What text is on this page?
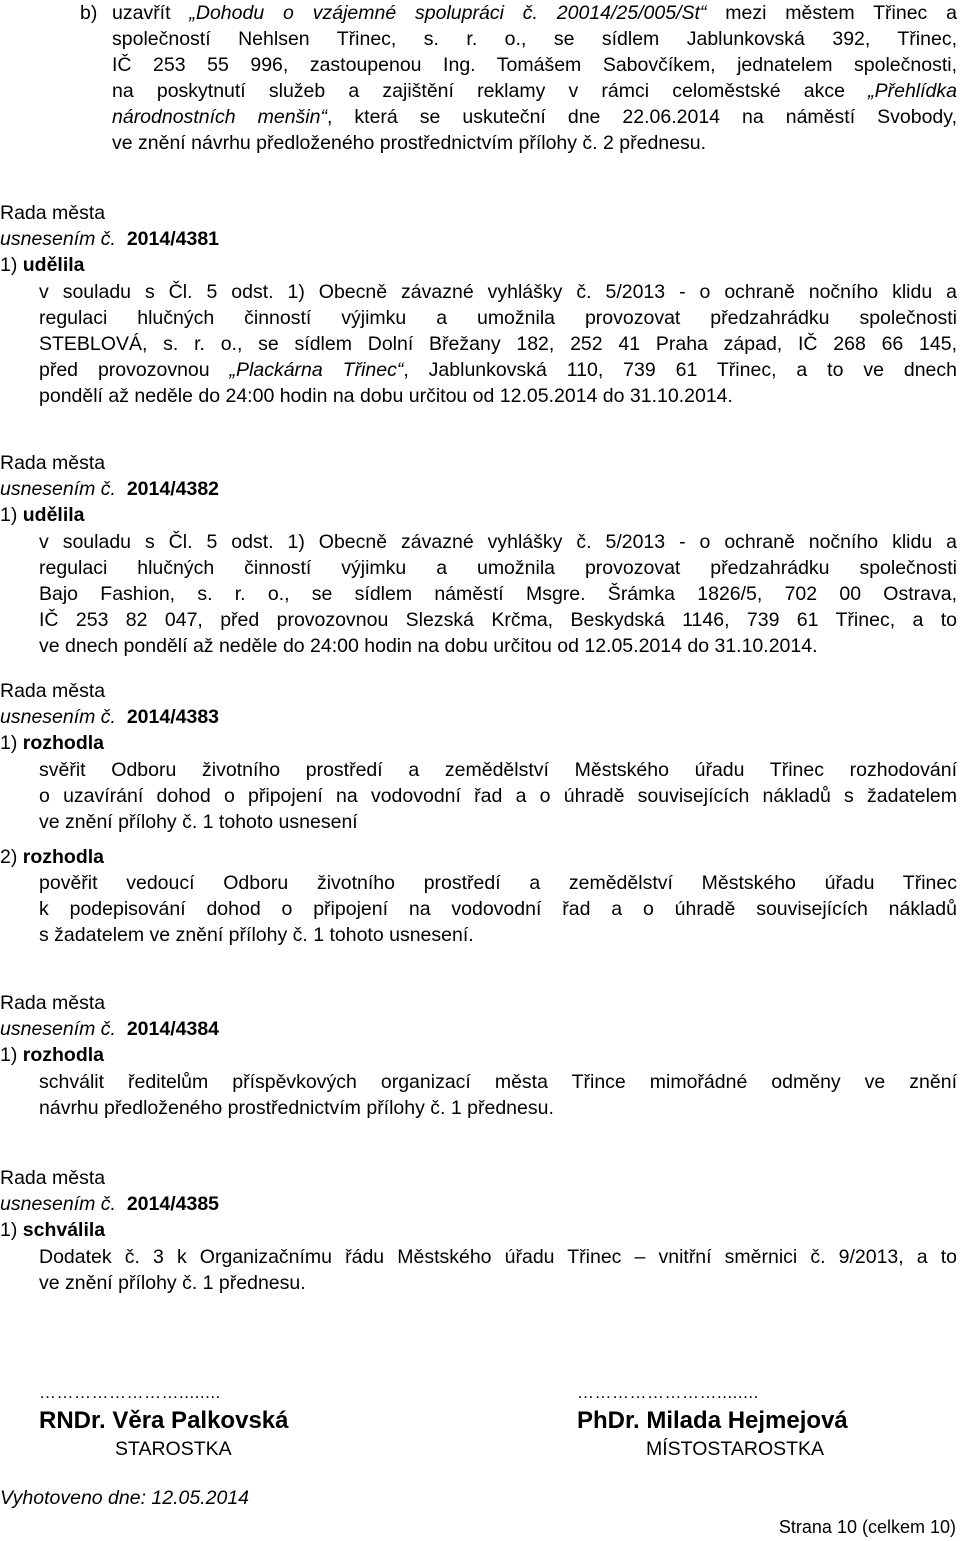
b) uzavřít „Dohodu o vzájemné spolupráci č. 20014/25/005/St“ mezi městem Třinec a
společností Nehlsen Třinec, s. r. o., se sídlem Jablunkovská 392, Třinec,
IČ 253 55 996, zastoupenou Ing. Tomášem Sabovčíkem, jednatelem společnosti,
na poskytnutí služeb a zajištění reklamy v rámci celoměstské akce „Přehlídka
národnostních menšin“, která se uskuteční dne 22.06.2014 na náměstí Svobody,
ve znění návrhu předloženého prostřednictvím přílohy č. 2 přednesu.
Rada města
usnesením č. 2014/4381
1) udělila
v souladu s Čl. 5 odst. 1) Obecně závazné vyhlášky č. 5/2013 - o ochraně nočního klidu a
regulaci hlučných činností výjimku a umožnila provozovat předzahrádku společnosti
STEBLOVÁ, s. r. o., se sídlem Dolní Břežany 182, 252 41 Praha západ, IČ 268 66 145,
před provozovnou „Plackárna Třinec“, Jablunkovská 110, 739 61 Třinec, a to ve dnech
pondělí až neděle do 24:00 hodin na dobu určitou od 12.05.2014 do 31.10.2014.
Rada města
usnesením č. 2014/4382
1) udělila
v souladu s Čl. 5 odst. 1) Obecně závazné vyhlášky č. 5/2013 - o ochraně nočního klidu a
regulaci hlučných činností výjimku a umožnila provozovat předzahrádku společnosti
Bajo Fashion, s. r. o., se sídlem náměstí Msgre. Šrámka 1826/5, 702 00 Ostrava,
IČ 253 82 047, před provozovnou Slezská Krčma, Beskydská 1146, 739 61 Třinec, a to
ve dnech pondělí až neděle do 24:00 hodin na dobu určitou od 12.05.2014 do 31.10.2014.
Rada města
usnesením č. 2014/4383
1) rozhodla
svěřit Odboru životního prostředí a zemědělství Městského úřadu Třinec rozhodování
o uzavírání dohod o připojení na vodovodní řad a o úhradě souvisejících nákladů s žadatelem
ve znění přílohy č. 1 tohoto usnesení
2) rozhodla
pověřit vedoucí Odboru životního prostředí a zemědělství Městského úřadu Třinec
k podepisování dohod o připojení na vodovodní řad a o úhradě souvisejících nákladů
s žadatelem ve znění přílohy č. 1 tohoto usnesení.
Rada města
usnesením č. 2014/4384
1) rozhodla
schválit ředitelům příspěvkových organizací města Třince mimořádné odměny ve znění
návrhu předloženého prostřednictvím přílohy č. 1 přednesu.
Rada města
usnesením č. 2014/4385
1) schválila
Dodatek č. 3 k Organizačnímu řádu Městského úřadu Třinec – vnitřní směrnici č. 9/2013, a to
ve znění přílohy č. 1 přednesu.
……………………........
RNDr. Věra Palkovská
STAROSTKA
……………………........
PhDr. Milada Hejmejová
MÍSTOSTAROSTKA
Vyhotoveno dne: 12.05.2014
Strana 10 (celkem 10)
